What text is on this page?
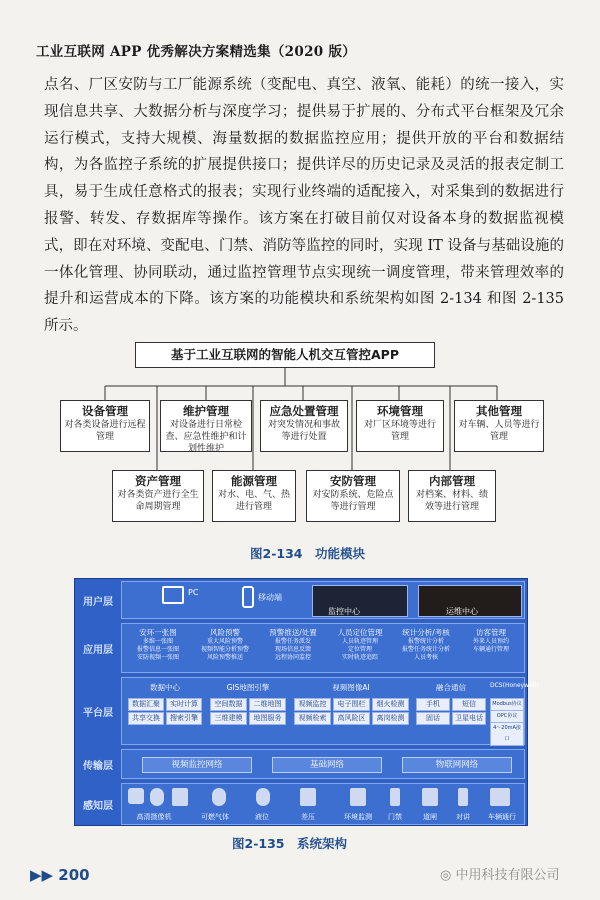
工业互联网 APP 优秀解决方案精选集（2020 版）

点名、厂区安防与工厂能源系统（变配电、真空、液氧、能耗）的统一接入，实现信息共享、大数据分析与深度学习；提供易于扩展的、分布式平台框架及冗余运行模式，支持大规模、海量数据的数据监控应用；提供开放的平台和数据结构，为各监控子系统的扩展提供接口；提供详尽的历史记录及灵活的报表定制工具，易于生成任意格式的报表；实现行业终端的适配接入，对采集到的数据进行报警、转发、存数据库等操作。该方案在打破目前仅对设备本身的数据监视模式，即在对环境、变配电、门禁、消防等监控的同时，实现 IT 设备与基础设施的一体化管理、协同联动，通过监控管理节点实现统一调度管理，带来管理效率的提升和运营成本的下降。该方案的功能模块和系统架构如图 2-134 和图 2-135 所示。

基于工业互联网的智能人机交互管控APP
设备管理
对各类设备进行远程管理
维护管理
对设备进行日常检查、应急性维护和计划性维护
应急处置管理
对突发情况和事故等进行处置
环境管理
对厂区环境等进行管理
其他管理
对车辆、人员等进行管理
资产管理
对各类资产进行全生命周期管理
能源管理
对水、电、气、热进行管理
安防管理
对安防系统、危险点等进行管理
内部管理
对档案、材料、绩效等进行管理
图2-134　功能模块
用户层
PC
移动端
监控中心	运维中心
应用层
安环一张图
多维一张图
报警信息一张图
安防视频一张图
风险预警
重大风险预警
视频智能分析预警
风险预警推送
预警推送/处置
报警任务派发
现场信息反馈
远程协同监控
人员定位管理
人员轨迹管理
定位管理
实时轨迹追踪
统计分析/考核
报警统计分析
报警任务统计分析
人员考核
访客管理
外来人员预约
车辆通行管理
平台层
数据中心
数据汇聚	实时计算
共享交换	搜索引擎
GIS地图引擎
空间数据	二维地图
三维建模	地图服务
视频图像AI
视频监控	电子围栏	烟火检测
视频检索	高风险区	离岗检测
融合通信
手机	短信
固话	卫星电话
DCS(Honeywell)
Modbus协议
OPC协议
4～20mA接口
传输层	视频监控网络	基础网络	物联网网络
感知层
高清摄像机	可燃气体	液位	差压	环境监测	门禁	道闸	对讲	车辆通行
图2-135　系统架构
▶▶ 200	◎ 中用科技有限公司
